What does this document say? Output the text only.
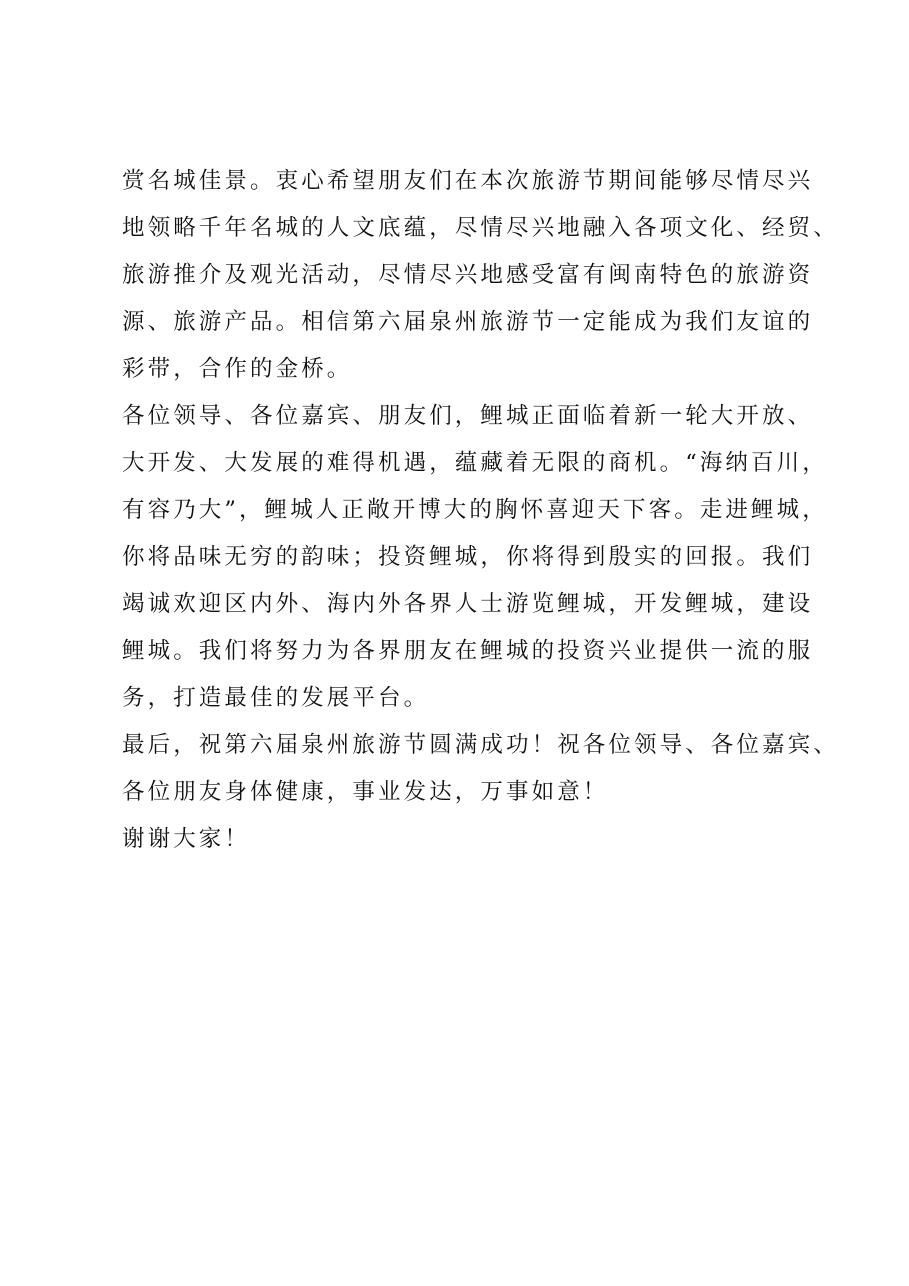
赏名城佳景。衷心希望朋友们在本次旅游节期间能够尽情尽兴
地领略千年名城的人文底蕴，尽情尽兴地融入各项文化、经贸、
旅游推介及观光活动，尽情尽兴地感受富有闽南特色的旅游资
源、旅游产品。相信第六届泉州旅游节一定能成为我们友谊的
彩带，合作的金桥。
各位领导、各位嘉宾、朋友们，鲤城正面临着新一轮大开放、
大开发、大发展的难得机遇，蕴藏着无限的商机。“海纳百川，
有容乃大”，鲤城人正敞开博大的胸怀喜迎天下客。走进鲤城，
你将品味无穷的韵味；投资鲤城，你将得到殷实的回报。我们
竭诚欢迎区内外、海内外各界人士游览鲤城，开发鲤城，建设
鲤城。我们将努力为各界朋友在鲤城的投资兴业提供一流的服
务，打造最佳的发展平台。
最后，祝第六届泉州旅游节圆满成功！祝各位领导、各位嘉宾、
各位朋友身体健康，事业发达，万事如意！
谢谢大家！
